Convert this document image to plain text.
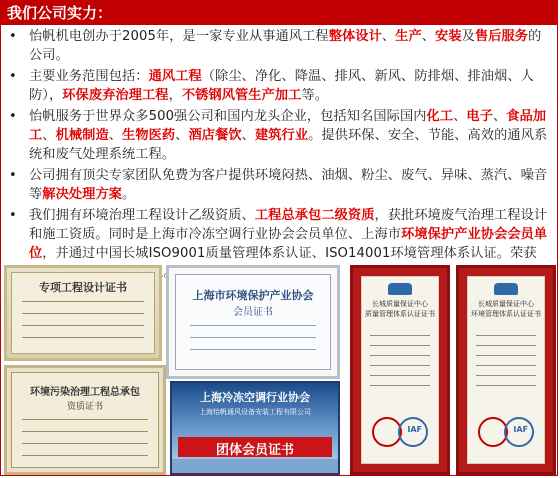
我们公司实力：
• 怡帆机电创办于2005年，是一家专业从事通风工程整体设计、生产、安装及售后服务的公司。
• 主要业务范围包括：通风工程（除尘、净化、降温、排风、新风、防排烟、排油烟、人防），环保废弃治理工程，不锈钢风管生产加工等。
• 怡帆服务于世界众多500强公司和国内龙头企业，包括知名国际国内化工、电子、食品加工、机械制造、生物医药、酒店餐饮、建筑行业。提供环保、安全、节能、高效的通风系统和废气处理系统工程。
• 公司拥有顶尖专家团队免费为客户提供环境闷热、油烟、粉尘、废气、异味、蒸汽、噪音等解决处理方案。
• 我们拥有环境治理工程设计乙级资质、工程总承包二级资质，获批环境废气治理工程设计和施工资质。同时是上海市冷冻空调行业协会会员单位、上海市环境保护产业协会会员单位，并通过中国长城ISO9001质量管理体系认证、ISO14001环境管理体系认证。荣获 业。
专项工程设计证书
上海市环境保护产业协会
会员证书
环境污染治理工程总承包
资质证书
上海冷冻空调行业协会
上海怡帆通风设备安装工程有限公司
团体会员证书
长城质量保证中心
质量管理体系认证证书
IAF
长城质量保证中心
环境管理体系认证证书
IAF
